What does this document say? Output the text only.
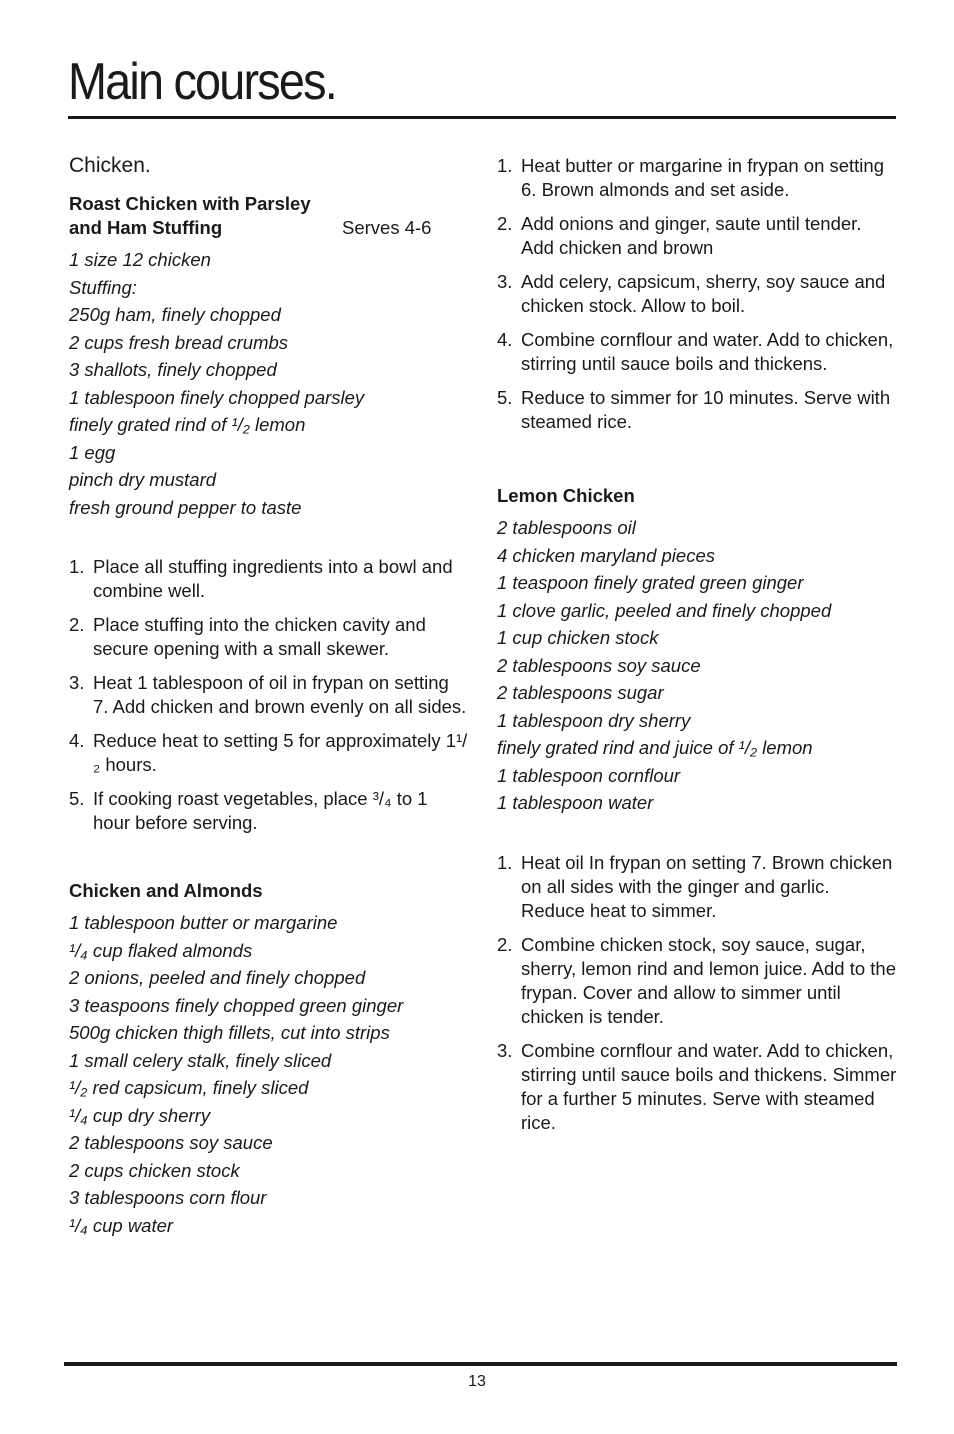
Main courses.
Chicken.
Roast Chicken with Parsley
and Ham Stuffing	Serves 4-6
1 size 12 chicken
Stuffing:
250g ham, finely chopped
2 cups fresh bread crumbs
3 shallots, finely chopped
1 tablespoon finely chopped parsley
finely grated rind of ¹/₂ lemon
1 egg
pinch dry mustard
fresh ground pepper to taste
1. Place all stuffing ingredients into a bowl and combine well.
2. Place stuffing into the chicken cavity and secure opening with a small skewer.
3. Heat 1 tablespoon of oil in frypan on setting 7. Add chicken and brown evenly on all sides.
4. Reduce heat to setting 5 for approximately 1¹/₂ hours.
5. If cooking roast vegetables, place ³/₄ to 1 hour before serving.
Chicken and Almonds
1 tablespoon butter or margarine
¹/₄ cup flaked almonds
2 onions, peeled and finely chopped
3 teaspoons finely chopped green ginger
500g chicken thigh fillets, cut into strips
1 small celery stalk, finely sliced
¹/₂ red capsicum, finely sliced
¹/₄ cup dry sherry
2 tablespoons soy sauce
2 cups chicken stock
3 tablespoons corn flour
¹/₄ cup water
1. Heat butter or margarine in frypan on setting 6. Brown almonds and set aside.
2. Add onions and ginger, saute until tender. Add chicken and brown
3. Add celery, capsicum, sherry, soy sauce and chicken stock. Allow to boil.
4. Combine cornflour and water. Add to chicken, stirring until sauce boils and thickens.
5. Reduce to simmer for 10 minutes. Serve with steamed rice.
Lemon Chicken
2 tablespoons oil
4 chicken maryland pieces
1 teaspoon finely grated green ginger
1 clove garlic, peeled and finely chopped
1 cup chicken stock
2 tablespoons soy sauce
2 tablespoons sugar
1 tablespoon dry sherry
finely grated rind and juice of ¹/₂ lemon
1 tablespoon cornflour
1 tablespoon water
1. Heat oil In frypan on setting 7. Brown chicken on all sides with the ginger and garlic. Reduce heat to simmer.
2. Combine chicken stock, soy sauce, sugar, sherry, lemon rind and lemon juice. Add to the frypan. Cover and allow to simmer until chicken is tender.
3. Combine cornflour and water. Add to chicken, stirring until sauce boils and thickens. Simmer for a further 5 minutes. Serve with steamed rice.
13
